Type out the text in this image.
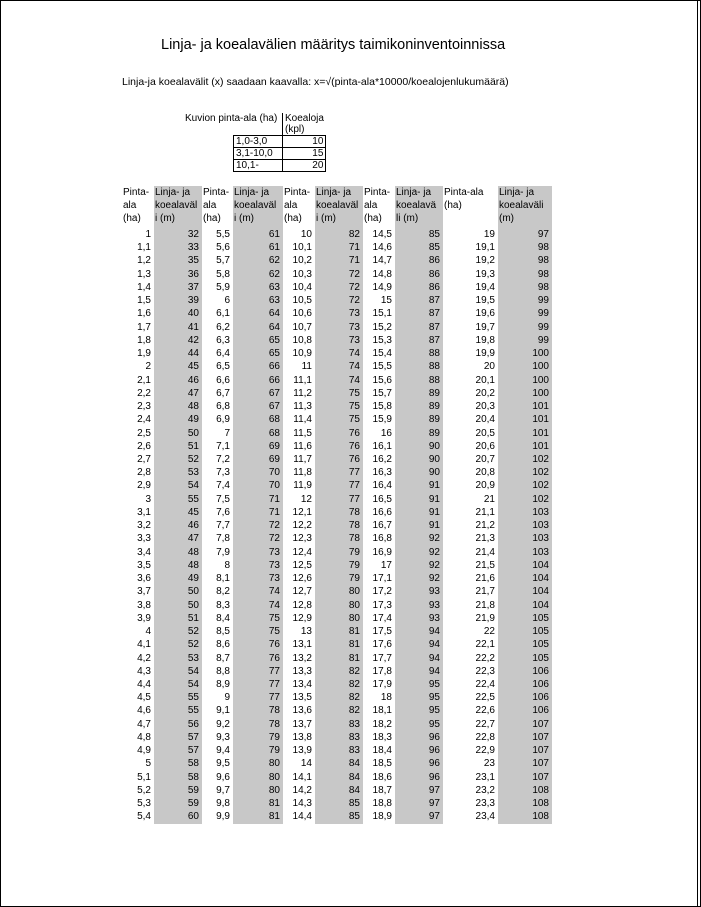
Linja- ja koealavälien määritys taimikoninventoinnissa
Linja-ja koealavälit (x) saadaan kaavalla: x=√(pinta-ala*10000/koealojenlukumäärä)
Kuvion pinta-ala (ha)		Koealoja (kpl)
	1,0-3,0	10
	3,1-10,0	15
	10,1-	20
Pinta-
ala
(ha)	Linja- ja
koealaväl
i (m)	Pinta-
ala
(ha)	Linja- ja
koealaväl
i (m)	Pinta-
ala
(ha)	Linja- ja
koealaväl
i (m)	Pinta-
ala
(ha)	Linja- ja
koealavä
li (m)	Pinta-ala
(ha)	Linja- ja
koealaväli
(m)
1	32	5,5	61	10	82	14,5	85	19	97
1,1	33	5,6	61	10,1	71	14,6	85	19,1	98
1,2	35	5,7	62	10,2	71	14,7	86	19,2	98
1,3	36	5,8	62	10,3	72	14,8	86	19,3	98
1,4	37	5,9	63	10,4	72	14,9	86	19,4	98
1,5	39	6	63	10,5	72	15	87	19,5	99
1,6	40	6,1	64	10,6	73	15,1	87	19,6	99
1,7	41	6,2	64	10,7	73	15,2	87	19,7	99
1,8	42	6,3	65	10,8	73	15,3	87	19,8	99
1,9	44	6,4	65	10,9	74	15,4	88	19,9	100
2	45	6,5	66	11	74	15,5	88	20	100
2,1	46	6,6	66	11,1	74	15,6	88	20,1	100
2,2	47	6,7	67	11,2	75	15,7	89	20,2	100
2,3	48	6,8	67	11,3	75	15,8	89	20,3	101
2,4	49	6,9	68	11,4	75	15,9	89	20,4	101
2,5	50	7	68	11,5	76	16	89	20,5	101
2,6	51	7,1	69	11,6	76	16,1	90	20,6	101
2,7	52	7,2	69	11,7	76	16,2	90	20,7	102
2,8	53	7,3	70	11,8	77	16,3	90	20,8	102
2,9	54	7,4	70	11,9	77	16,4	91	20,9	102
3	55	7,5	71	12	77	16,5	91	21	102
3,1	45	7,6	71	12,1	78	16,6	91	21,1	103
3,2	46	7,7	72	12,2	78	16,7	91	21,2	103
3,3	47	7,8	72	12,3	78	16,8	92	21,3	103
3,4	48	7,9	73	12,4	79	16,9	92	21,4	103
3,5	48	8	73	12,5	79	17	92	21,5	104
3,6	49	8,1	73	12,6	79	17,1	92	21,6	104
3,7	50	8,2	74	12,7	80	17,2	93	21,7	104
3,8	50	8,3	74	12,8	80	17,3	93	21,8	104
3,9	51	8,4	75	12,9	80	17,4	93	21,9	105
4	52	8,5	75	13	81	17,5	94	22	105
4,1	52	8,6	76	13,1	81	17,6	94	22,1	105
4,2	53	8,7	76	13,2	81	17,7	94	22,2	105
4,3	54	8,8	77	13,3	82	17,8	94	22,3	106
4,4	54	8,9	77	13,4	82	17,9	95	22,4	106
4,5	55	9	77	13,5	82	18	95	22,5	106
4,6	55	9,1	78	13,6	82	18,1	95	22,6	106
4,7	56	9,2	78	13,7	83	18,2	95	22,7	107
4,8	57	9,3	79	13,8	83	18,3	96	22,8	107
4,9	57	9,4	79	13,9	83	18,4	96	22,9	107
5	58	9,5	80	14	84	18,5	96	23	107
5,1	58	9,6	80	14,1	84	18,6	96	23,1	107
5,2	59	9,7	80	14,2	84	18,7	97	23,2	108
5,3	59	9,8	81	14,3	85	18,8	97	23,3	108
5,4	60	9,9	81	14,4	85	18,9	97	23,4	108
